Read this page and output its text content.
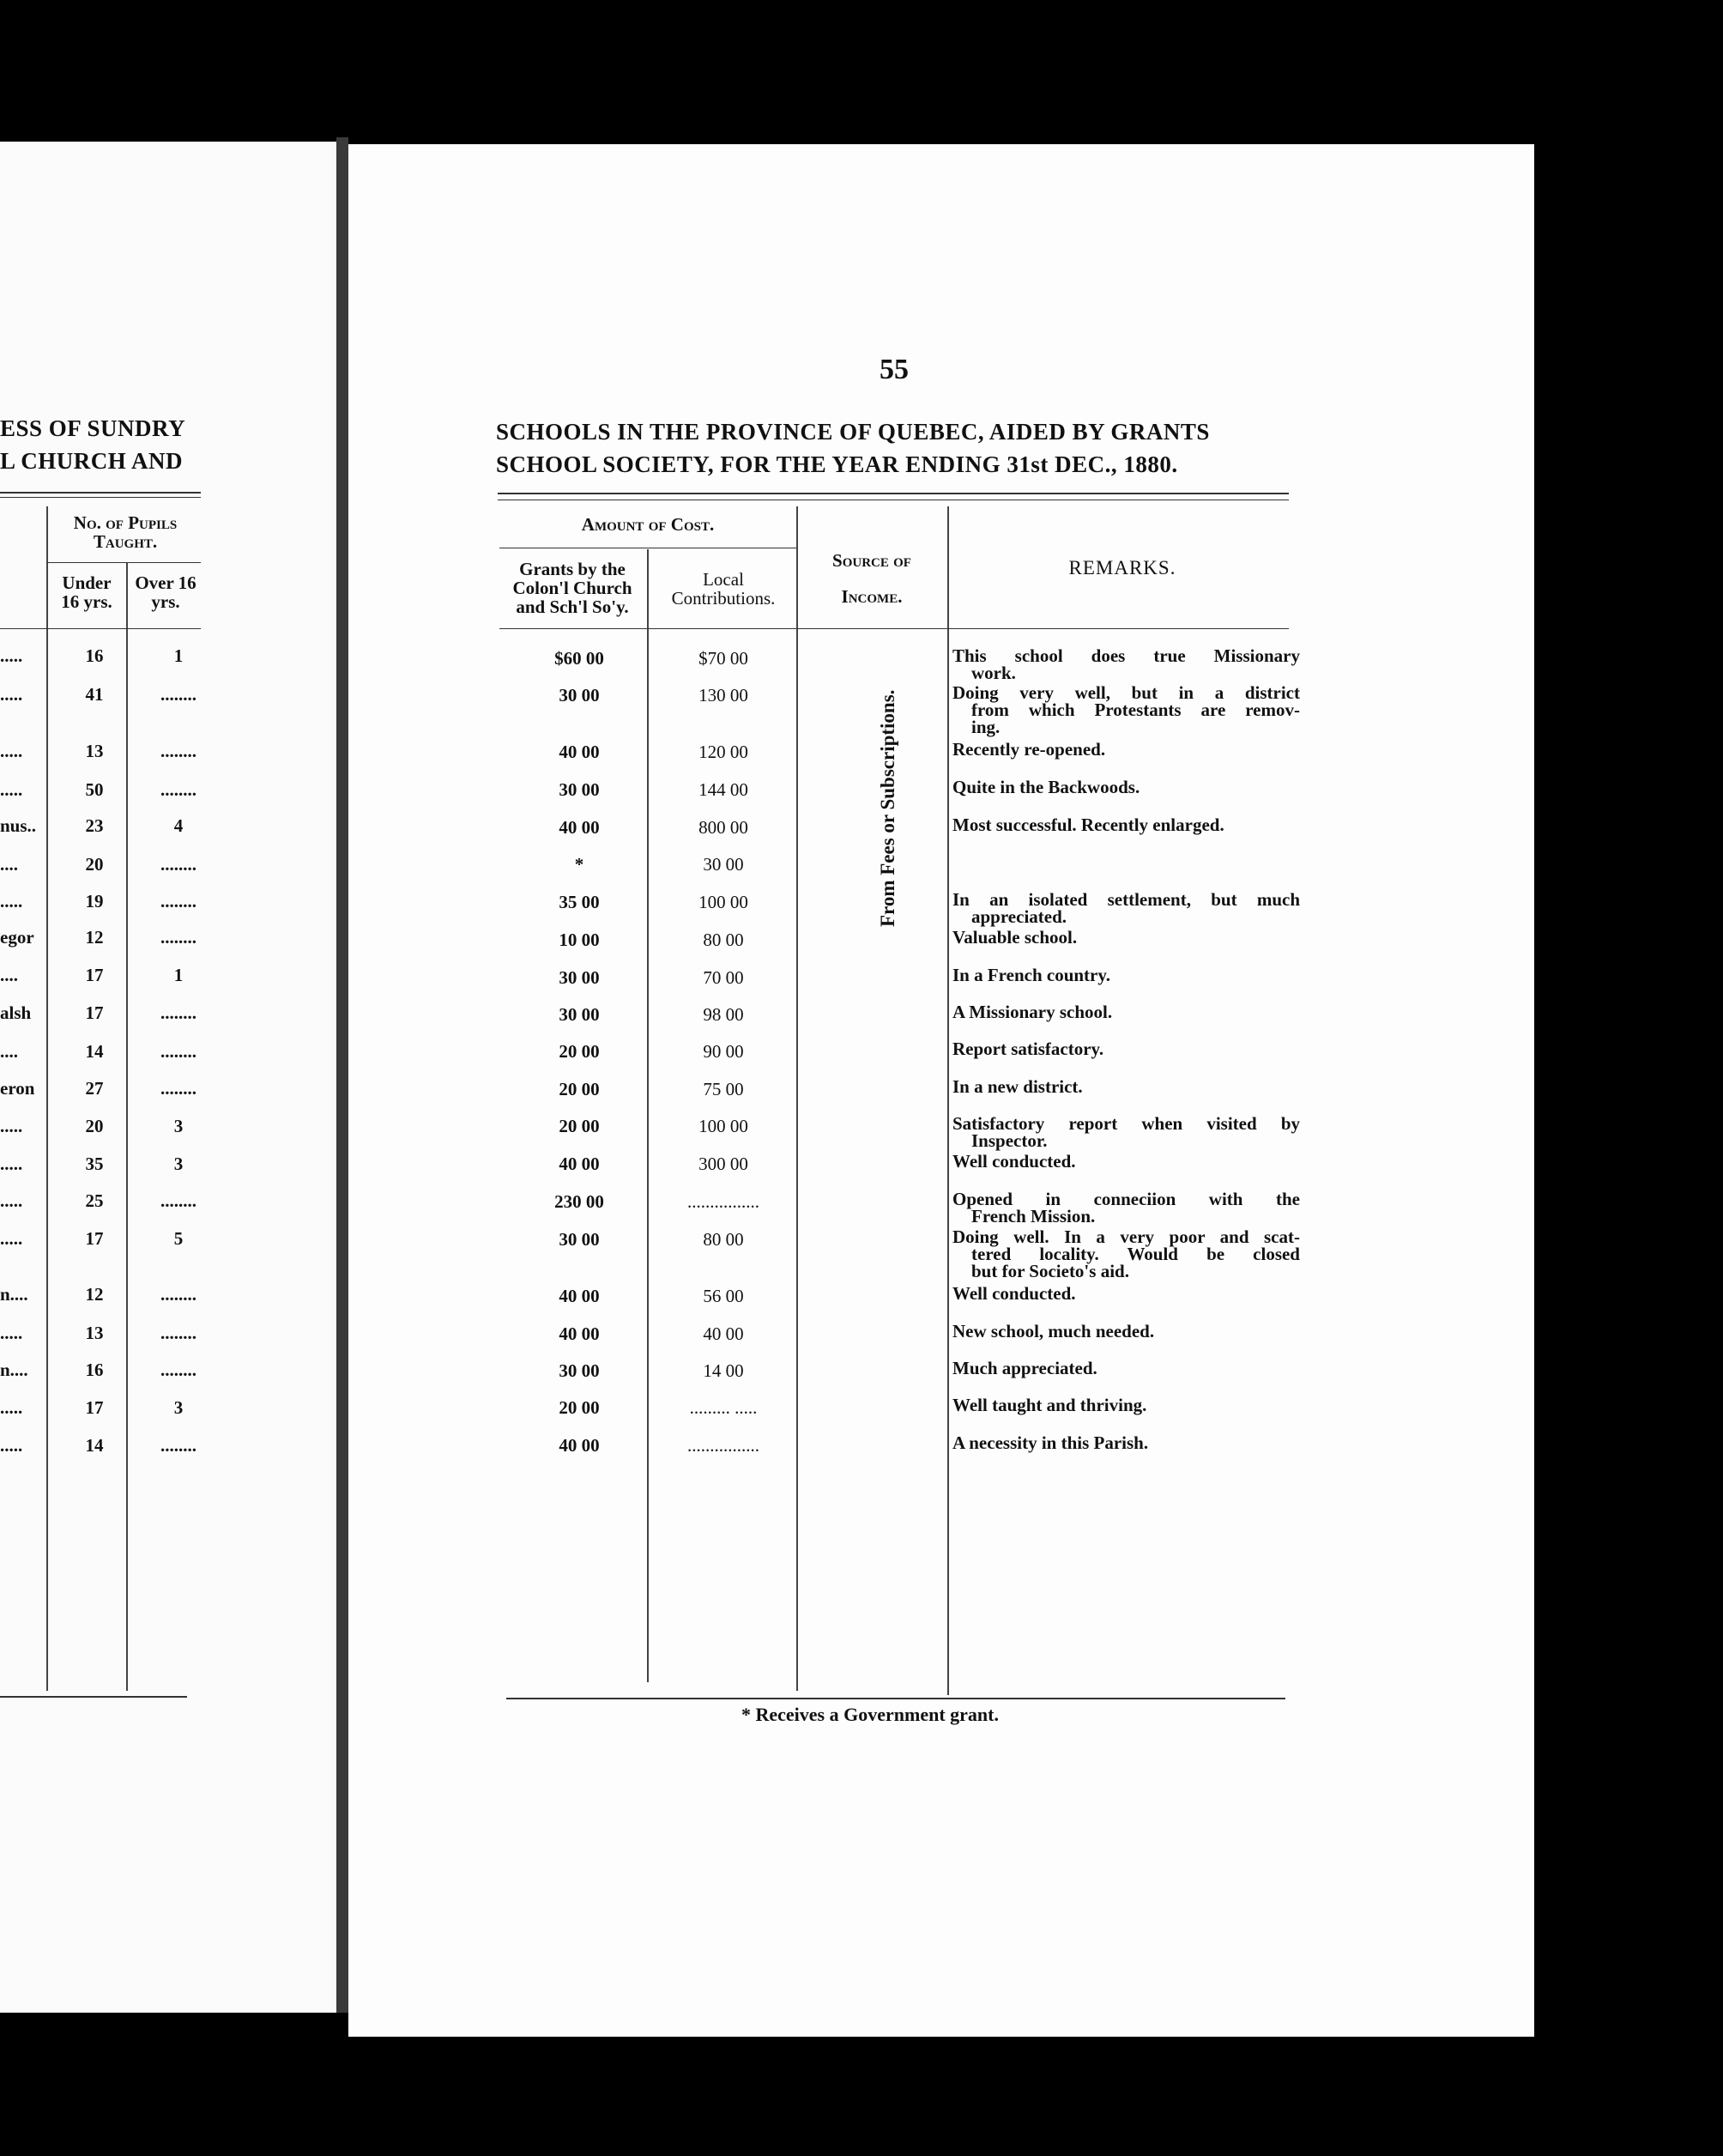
ESS OF SUNDRY
L CHURCH AND
No. of Pupils Taught.
Under 16 yrs.
Over 16 yrs.
.....	16	1
.....	41	........
.....	13	........
.....	50	........
nus..	23	4
....	20	........
.....	19	........
egor	12	........
....	17	1
alsh	17	........
....	14	........
eron	27	........
.....	20	3
.....	35	3
.....	25	........
.....	17	5
n....	12	........
.....	13	........
n....	16	........
.....	17	3
.....	14	........
55
SCHOOLS IN THE PROVINCE OF QUEBEC, AIDED BY GRANTS
SCHOOL SOCIETY, FOR THE YEAR ENDING 31st DEC., 1880.
Amount of Cost.
Grants by the
Colon'l Church
and Sch'l So'y.
Local
Contributions.
Source of
Income.
REMARKS.
From Fees or Subscriptions.
$60 00	$70 00	This school does true Missionary
work.
30 00	130 00	Doing very well, but in a district
from which Protestants are remov-
ing.
40 00	120 00	Recently re-opened.
30 00	144 00	Quite in the Backwoods.
40 00	800 00	Most successful. Recently enlarged.
*	30 00
35 00	100 00	In an isolated settlement, but much
appreciated.
10 00	80 00	Valuable school.
30 00	70 00	In a French country.
30 00	98 00	A Missionary school.
20 00	90 00	Report satisfactory.
20 00	75 00	In a new district.
20 00	100 00	Satisfactory report when visited by
Inspector.
40 00	300 00	Well conducted.
230 00	................	Opened in conneciion with the
French Mission.
30 00	80 00	Doing well. In a very poor and scat-
tered locality. Would be closed
but for Societo's aid.
40 00	56 00	Well conducted.
40 00	40 00	New school, much needed.
30 00	14 00	Much appreciated.
20 00	......... .....	Well taught and thriving.
40 00	................	A necessity in this Parish.
* Receives a Government grant.
